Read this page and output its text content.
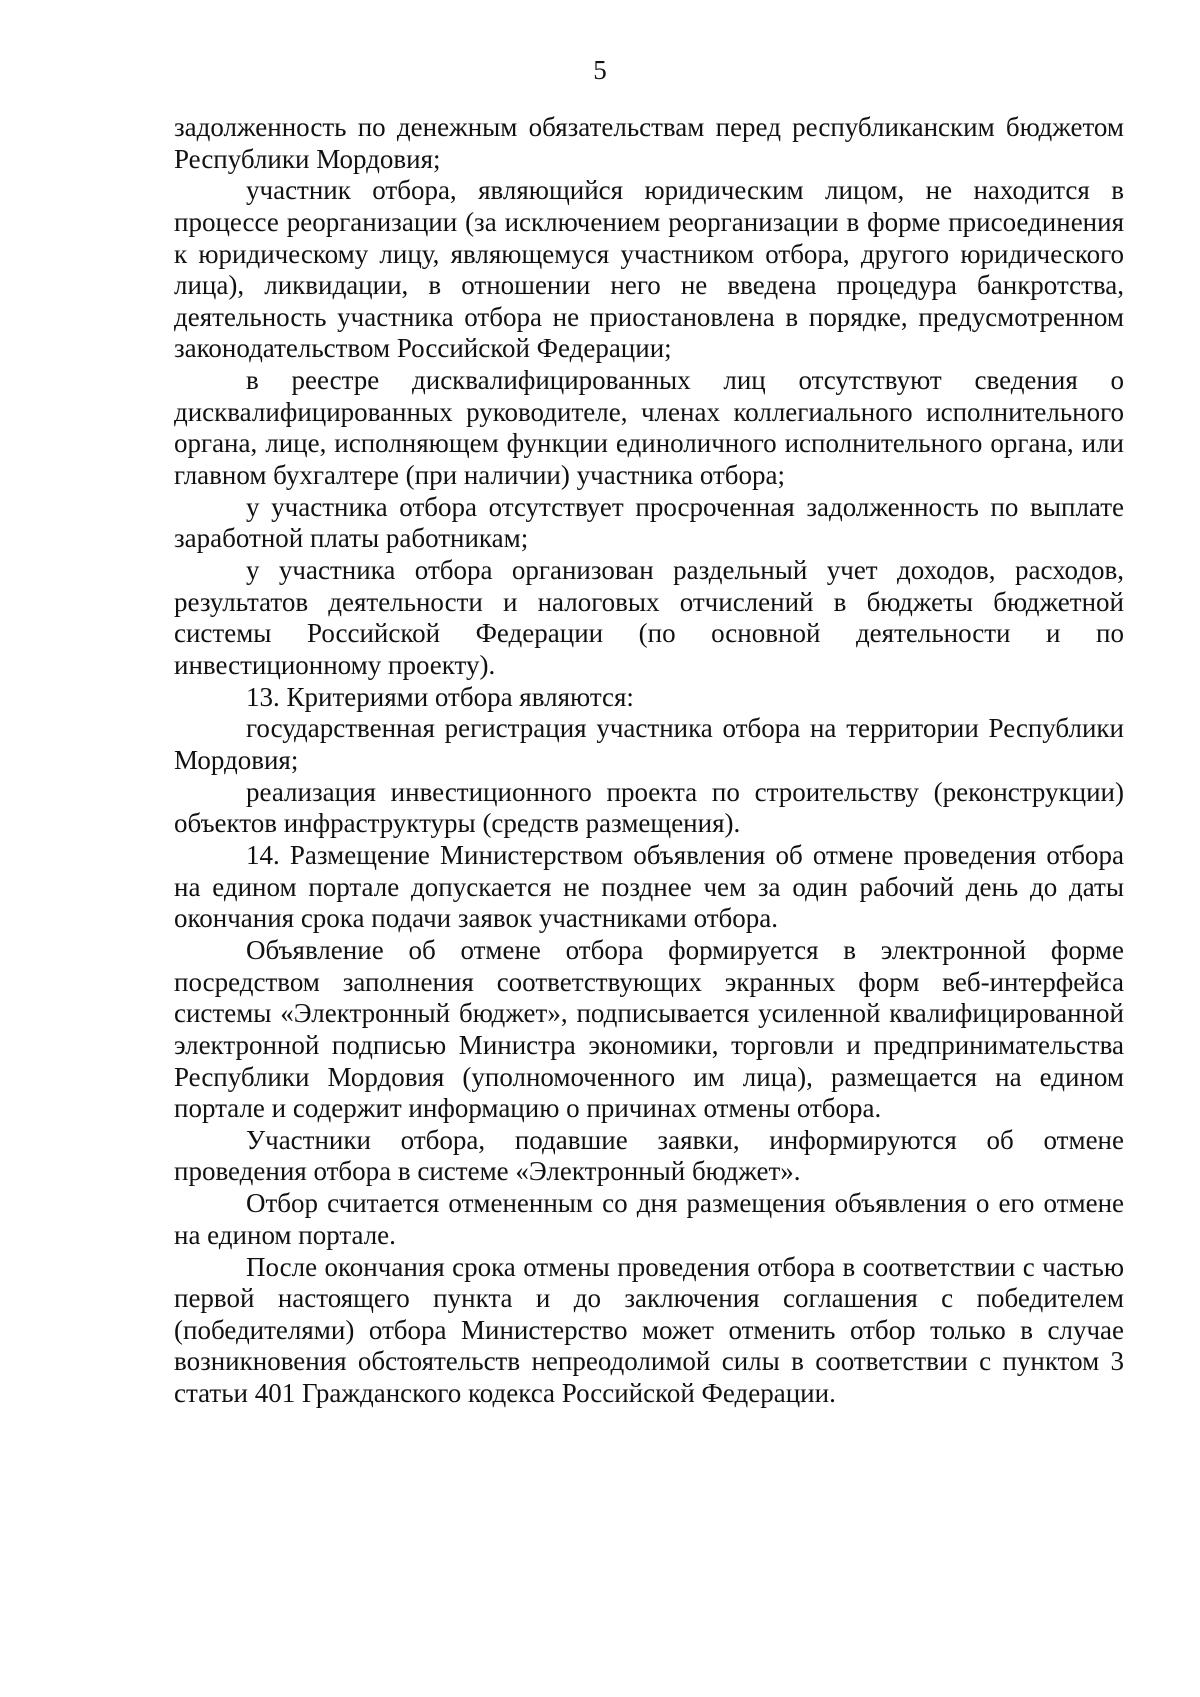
5

задолженность по денежным обязательствам перед республиканским бюджетом Республики Мордовия;

участник отбора, являющийся юридическим лицом, не находится в процессе реорганизации (за исключением реорганизации в форме присоединения к юридическому лицу, являющемуся участником отбора, другого юридического лица), ликвидации, в отношении него не введена процедура банкротства, деятельность участника отбора не приостановлена в порядке, предусмотренном законодательством Российской Федерации;

в реестре дисквалифицированных лиц отсутствуют сведения о дисквалифицированных руководителе, членах коллегиального исполнительного органа, лице, исполняющем функции единоличного исполнительного органа, или главном бухгалтере (при наличии) участника отбора;

у участника отбора отсутствует просроченная задолженность по выплате заработной платы работникам;

у участника отбора организован раздельный учет доходов, расходов, результатов деятельности и налоговых отчислений в бюджеты бюджетной системы Российской Федерации (по основной деятельности и по инвестиционному проекту).

13. Критериями отбора являются:

государственная регистрация участника отбора на территории Республики Мордовия;

реализация инвестиционного проекта по строительству (реконструкции) объектов инфраструктуры (средств размещения).

14. Размещение Министерством объявления об отмене проведения отбора на едином портале допускается не позднее чем за один рабочий день до даты окончания срока подачи заявок участниками отбора.

Объявление об отмене отбора формируется в электронной форме посредством заполнения соответствующих экранных форм веб-интерфейса системы «Электронный бюджет», подписывается усиленной квалифицированной электронной подписью Министра экономики, торговли и предпринимательства Республики Мордовия (уполномоченного им лица), размещается на едином портале и содержит информацию о причинах отмены отбора.

Участники отбора, подавшие заявки, информируются об отмене проведения отбора в системе «Электронный бюджет».

Отбор считается отмененным со дня размещения объявления о его отмене на едином портале.

После окончания срока отмены проведения отбора в соответствии с частью первой настоящего пункта и до заключения соглашения с победителем (победителями) отбора Министерство может отменить отбор только в случае возникновения обстоятельств непреодолимой силы в соответствии с пунктом 3 статьи 401 Гражданского кодекса Российской Федерации.
